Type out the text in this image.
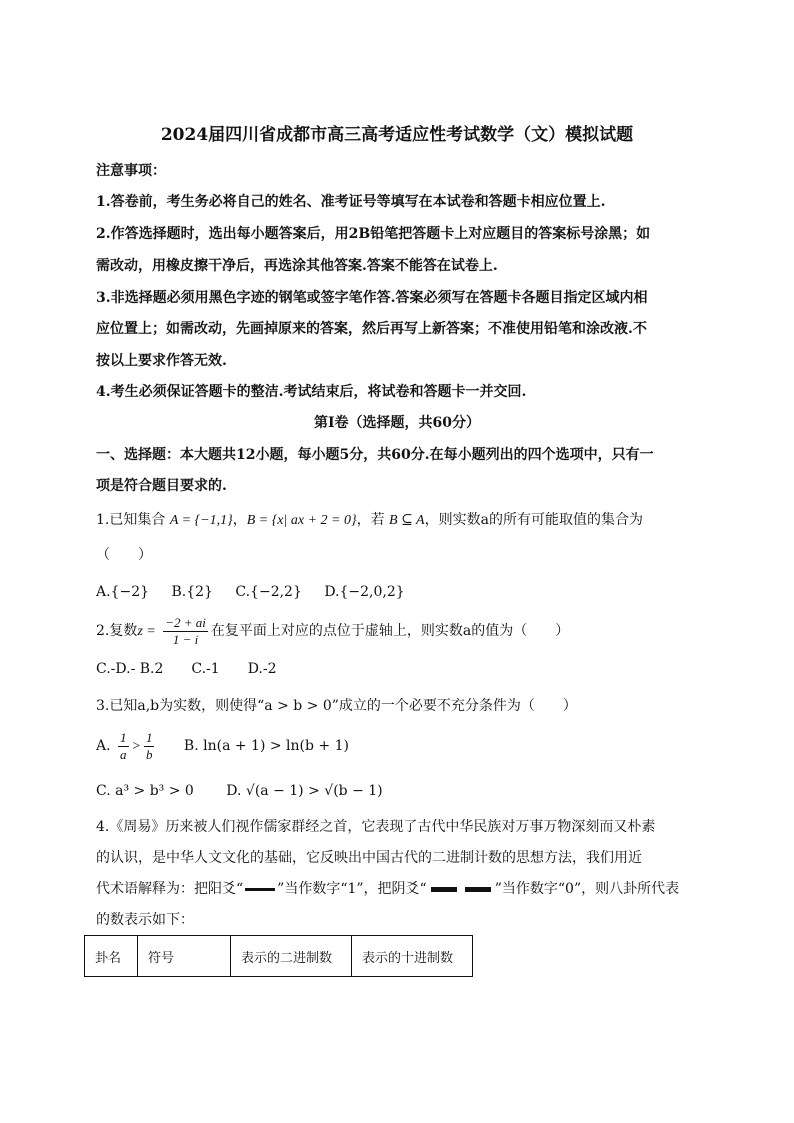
2024届四川省成都市高三高考适应性考试数学（文）模拟试题
注意事项：
1.答卷前，考生务必将自己的姓名、准考证号等填写在本试卷和答题卡相应位置上.
2.作答选择题时，选出每小题答案后，用2B铅笔把答题卡上对应题目的答案标号涂黑；如
需改动，用橡皮擦干净后，再选涂其他答案.答案不能答在试卷上.
3.非选择题必须用黑色字迹的钢笔或签字笔作答.答案必须写在答题卡各题目指定区域内相
应位置上；如需改动，先画掉原来的答案，然后再写上新答案；不准使用铅笔和涂改液.不
按以上要求作答无效.
4.考生必须保证答题卡的整洁.考试结束后，将试卷和答题卡一并交回.
第Ⅰ卷（选择题，共60分）
一、选择题：本大题共12小题，每小题5分，共60分.在每小题列出的四个选项中，只有一
项是符合题目要求的.
1.已知集合 A = {−1,1}，B = {x| ax + 2 = 0}，若 B ⊆ A，则实数a的所有可能取值的集合为
（　　）
A.{−2} B.{2} C.{−2,2} D.{−2,0,2}
2.复数$z = \frac{-2 + ai}{1 - i}$ 在复平面上对应的点位于虚轴上，则实数a的值为（　　）
C.-D.- B.2　　C.-1　　D.-2
3.已知a,b为实数，则使得“a > b > 0”成立的一个必要不充分条件为（　　）
A. $\frac{1}{a} > \frac{1}{b} B$. ln(a + 1) > ln(b + 1)
C. a³ > b³ > 0 D. √(a − 1) > √(b − 1)
4.《周易》历来被人们视作儒家群经之首，它表现了古代中华民族对万事万物深刻而又朴素
的认识，是中华人文文化的基础，它反映出中国古代的二进制计数的思想方法，我们用近
代术语解释为：把阳爻“ ”当作数字“1”，把阴爻“	”当作数字“0”，则八卦所代表
的数表示如下：
卦名	符号	表示的二进制数	表示的十进制数
